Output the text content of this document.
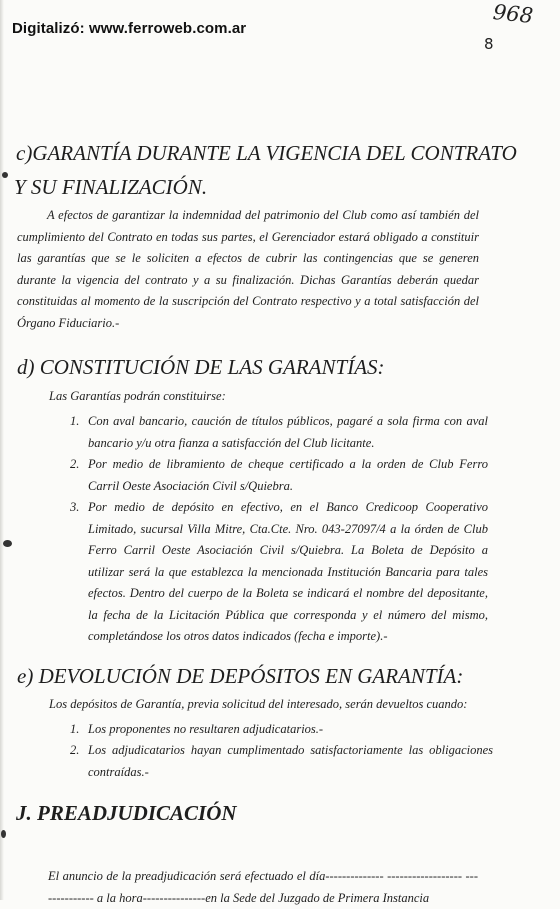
Digitalizó: www.ferroweb.com.ar
968
8
c)GARANTÍA DURANTE LA VIGENCIA DEL CONTRATO
Y SU FINALIZACIÓN.

A efectos de garantizar la indemnidad del patrimonio del Club como así también del cumplimiento del Contrato en todas sus partes, el Gerenciador estará obligado a constituir las garantías que se le soliciten a efectos de cubrir las contingencias que se generen durante la vigencia del contrato y a su finalización. Dichas Garantías deberán quedar constituidas al momento de la suscripción del Contrato respectivo y a total satisfacción del Órgano Fiduciario.-

d) CONSTITUCIÓN DE LAS GARANTÍAS:
Las Garantías podrán constituirse:
1. Con aval bancario, caución de títulos públicos, pagaré a sola firma con aval bancario y/u otra fianza a satisfacción del Club licitante.

2. Por medio de libramiento de cheque certificado a la orden de Club Ferro Carril Oeste Asociación Civil s/Quiebra.

3. Por medio de depósito en efectivo, en el Banco Credicoop Cooperativo Limitado, sucursal Villa Mitre, Cta.Cte. Nro. 043-27097/4 a la órden de Club Ferro Carril Oeste Asociación Civil s/Quiebra. La Boleta de Depósito a utilizar será la que establezca la mencionada Institución Bancaria para tales efectos. Dentro del cuerpo de la Boleta se indicará el nombre del depositante, la fecha de la Licitación Pública que corresponda y el número del mismo, completándose los otros datos indicados (fecha e importe).-

e) DEVOLUCIÓN DE DEPÓSITOS EN GARANTÍA:
Los depósitos de Garantía, previa solicitud del interesado, serán devueltos cuando:
1. Los proponentes no resultaren adjudicatarios.-

2. Los adjudicatarios hayan cumplimentado satisfactoriamente las obligaciones contraídas.-

J. PREADJUDICACIÓN

El anuncio de la preadjudicación será efectuado el día-------------- ------------------ -------------- a la hora---------------en la Sede del Juzgado de Primera Instancia
